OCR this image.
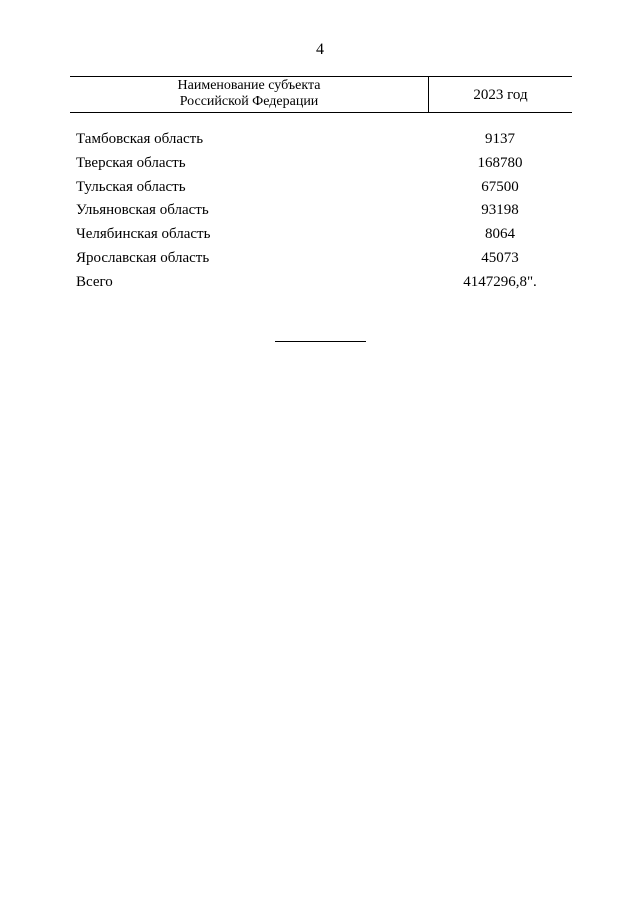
4
Наименование субъекта
Российской Федерации	2023 год
Тамбовская область	9137
Тверская область	168780
Тульская область	67500
Ульяновская область	93198
Челябинская область	8064
Ярославская область	45073
Всего	4147296,8".
